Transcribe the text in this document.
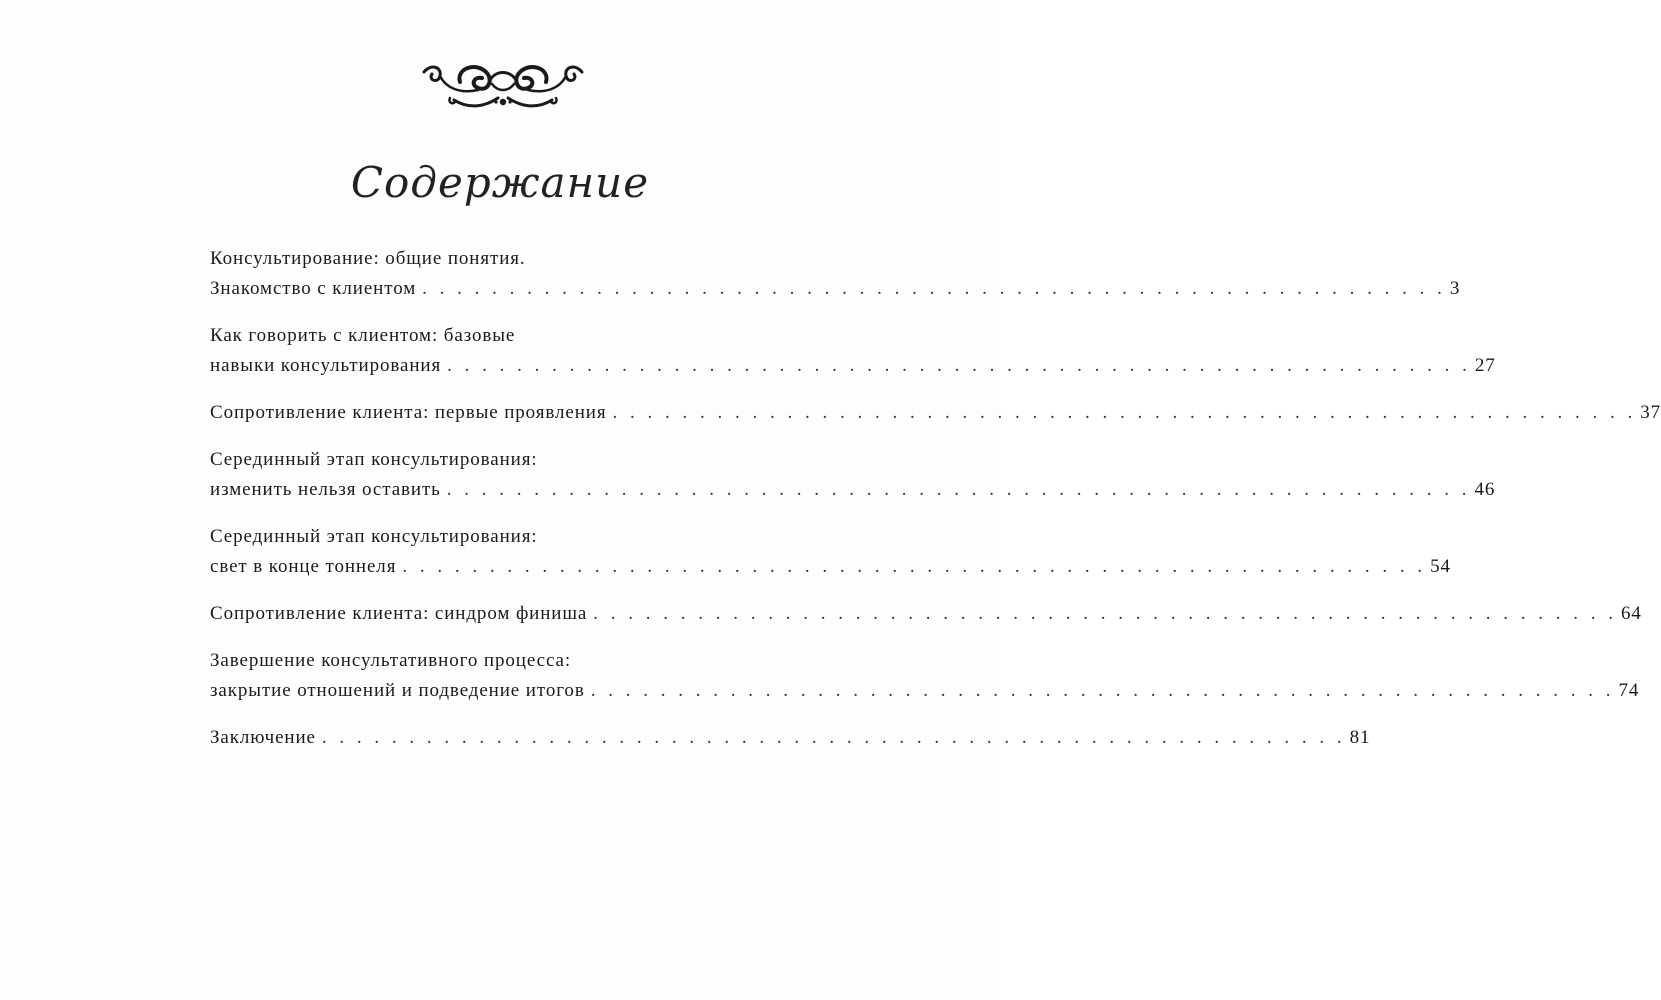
Содержание
Консультирование: общие понятия.
Знакомство с клиентом . . . . . . . . . . . . . . . . . . . . . . . . . . . . . . . . . . . . . . . . . . . . . . . . . . . . . . . . . . . 3
Как говорить с клиентом: базовые
навыки консультирования . . . . . . . . . . . . . . . . . . . . . . . . . . . . . . . . . . . . . . . . . . . . . . . . . . . . . . . . . . . 27
Сопротивление клиента: первые проявления . . . . . . . . . . . . . . . . . . . . . . . . . . . . . . . . . . . . . . . . . . . . . . . . . . . . . . . . . . . 37
Серединный этап консультирования:
изменить нельзя оставить . . . . . . . . . . . . . . . . . . . . . . . . . . . . . . . . . . . . . . . . . . . . . . . . . . . . . . . . . . . 46
Серединный этап консультирования:
свет в конце тоннеля . . . . . . . . . . . . . . . . . . . . . . . . . . . . . . . . . . . . . . . . . . . . . . . . . . . . . . . . . . . 54
Сопротивление клиента: синдром финиша . . . . . . . . . . . . . . . . . . . . . . . . . . . . . . . . . . . . . . . . . . . . . . . . . . . . . . . . . . . 64
Завершение консультативного процесса:
закрытие отношений и подведение итогов . . . . . . . . . . . . . . . . . . . . . . . . . . . . . . . . . . . . . . . . . . . . . . . . . . . . . . . . . . . 74
Заключение . . . . . . . . . . . . . . . . . . . . . . . . . . . . . . . . . . . . . . . . . . . . . . . . . . . . . . . . . . . 81
